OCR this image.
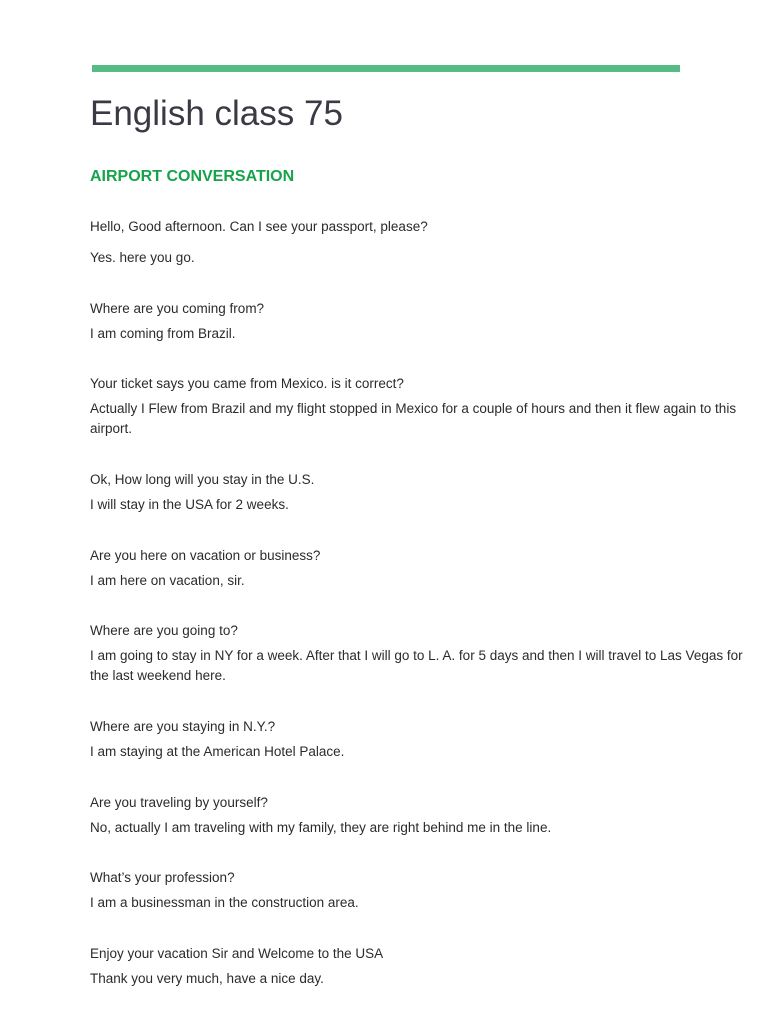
English class 75
AIRPORT CONVERSATION

Hello, Good afternoon. Can I see your passport, please?

Yes. here you go.

Where are you coming from?

I am coming from Brazil.

Your ticket says you came from Mexico. is it correct?

Actually I Flew from Brazil and my flight stopped in Mexico for a couple of hours and then it flew again to this airport.

Ok, How long will you stay in the U.S.

I will stay in the USA for 2 weeks.

Are you here on vacation or business?

I am here on vacation, sir.

Where are you going to?

I am going to stay in NY for a week. After that I will go to L. A. for 5 days and then I will travel to Las Vegas for the last weekend here.

Where are you staying in N.Y.?

I am staying at the American Hotel Palace.

Are you traveling by yourself?

No, actually I am traveling with my family, they are right behind me in the line.

What’s your profession?

I am a businessman in the construction area.

Enjoy your vacation Sir and Welcome to the USA

Thank you very much, have a nice day.
